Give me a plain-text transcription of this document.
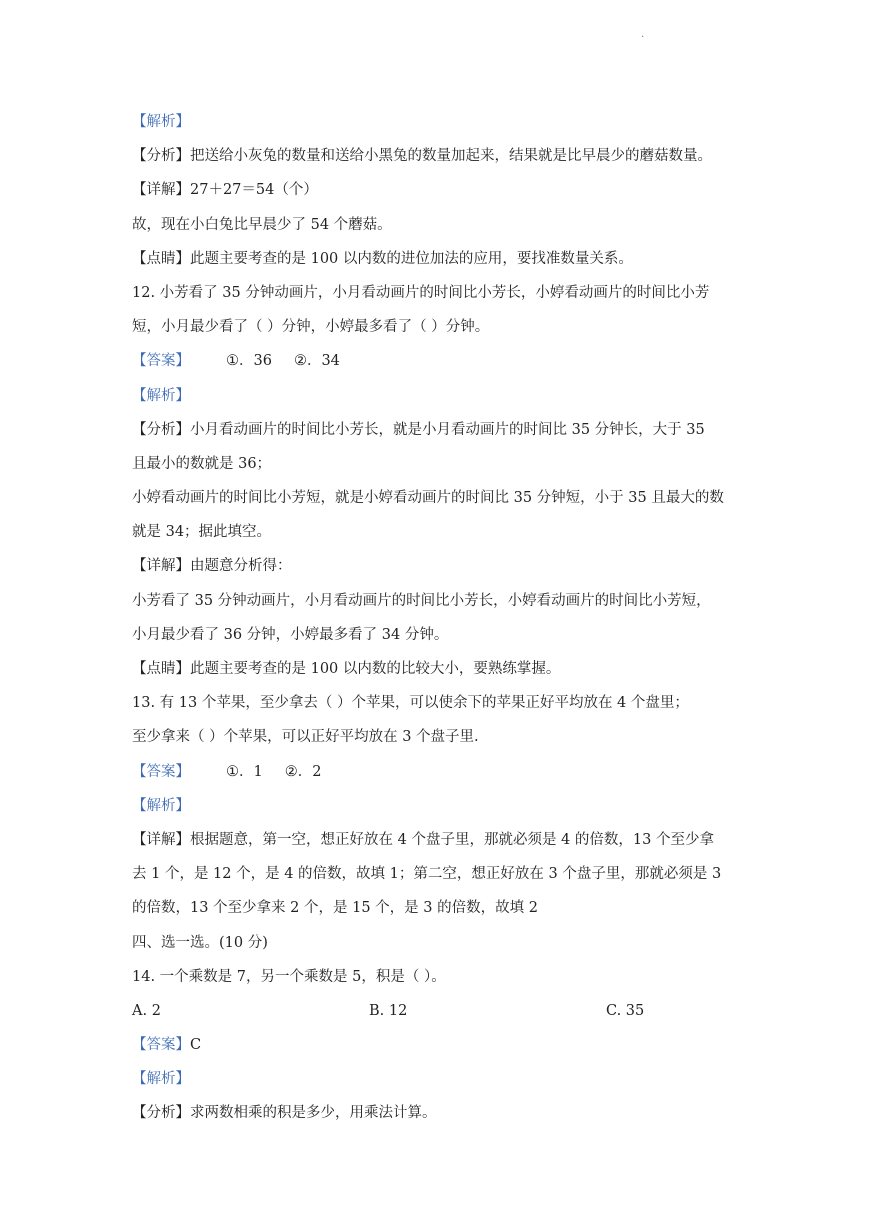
.
【解析】
【分析】把送给小灰兔的数量和送给小黑兔的数量加起来，结果就是比早晨少的蘑菇数量。
【详解】27＋27＝54（个）
故，现在小白兔比早晨少了 54 个蘑菇。
【点睛】此题主要考查的是 100 以内数的进位加法的应用，要找准数量关系。
12. 小芳看了 35 分钟动画片，小月看动画片的时间比小芳长，小婷看动画片的时间比小芳
短，小月最少看了（ ）分钟，小婷最多看了（ ）分钟。
【答案】 ①．36 ②．34
【解析】
【分析】小月看动画片的时间比小芳长，就是小月看动画片的时间比 35 分钟长，大于 35
且最小的数就是 36；
小婷看动画片的时间比小芳短，就是小婷看动画片的时间比 35 分钟短，小于 35 且最大的数
就是 34；据此填空。
【详解】由题意分析得：
小芳看了 35 分钟动画片，小月看动画片的时间比小芳长，小婷看动画片的时间比小芳短，
小月最少看了 36 分钟，小婷最多看了 34 分钟。
【点睛】此题主要考查的是 100 以内数的比较大小，要熟练掌握。
13. 有 13 个苹果，至少拿去（ ）个苹果，可以使余下的苹果正好平均放在 4 个盘里；
至少拿来（ ）个苹果，可以正好平均放在 3 个盘子里.
【答案】 ①．1 ②．2
【解析】
【详解】根据题意，第一空，想正好放在 4 个盘子里，那就必须是 4 的倍数，13 个至少拿
去 1 个，是 12 个，是 4 的倍数，故填 1；第二空，想正好放在 3 个盘子里，那就必须是 3
的倍数，13 个至少拿来 2 个，是 15 个，是 3 的倍数，故填 2
四、选一选。(10 分)
14. 一个乘数是 7，另一个乘数是 5，积是（ ）。
A. 2	B. 12	C. 35
【答案】C
【解析】
【分析】求两数相乘的积是多少，用乘法计算。
